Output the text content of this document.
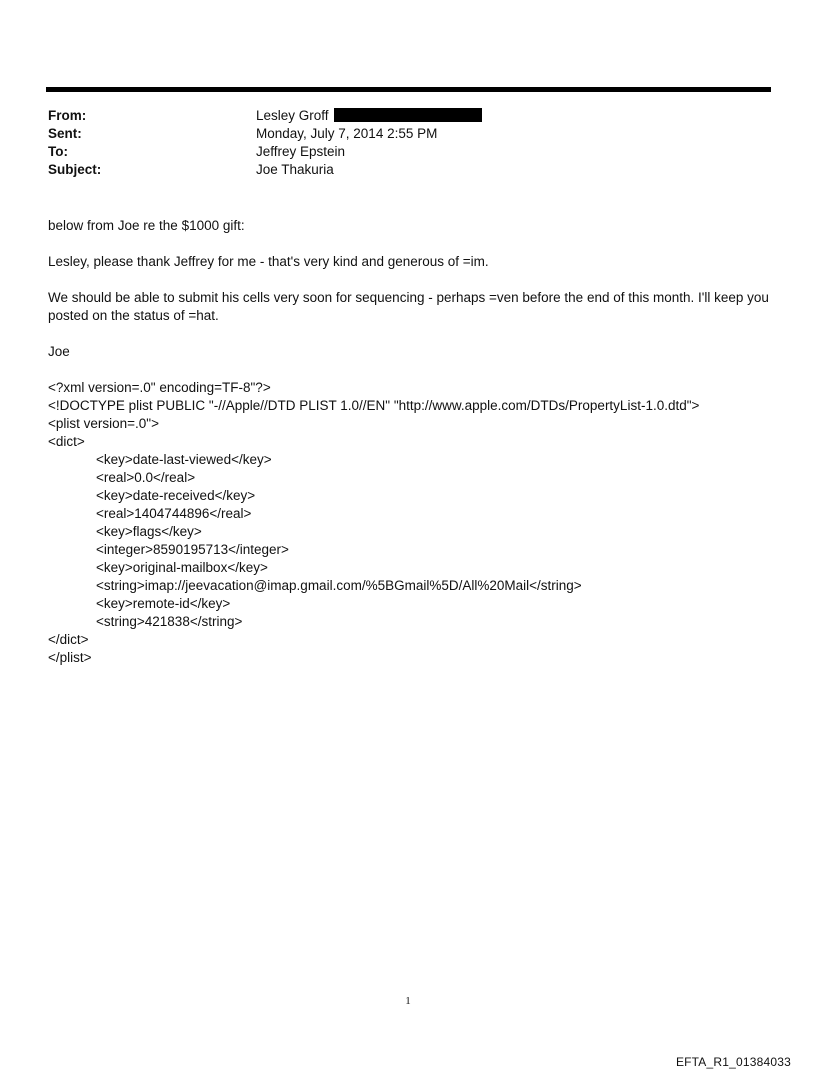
From:	Lesley Groff
Sent:	Monday, July 7, 2014 2:55 PM
To:	Jeffrey Epstein
Subject:	Joe Thakuria

below from Joe re the $1000 gift:

Lesley, please thank Jeffrey for me - that's very kind and generous of =im.

We should be able to submit his cells very soon for sequencing - perhaps =ven before the end of this month. I'll keep you posted on the status of =hat.

Joe

<?xml version=.0" encoding=TF-8"?>
<!DOCTYPE plist PUBLIC "-//Apple//DTD PLIST 1.0//EN" "http://www.apple.com/DTDs/PropertyList-1.0.dtd">
<plist version=.0">
<dict>
<key>date-last-viewed</key>
<real>0.0</real>
<key>date-received</key>
<real>1404744896</real>
<key>flags</key>
<integer>8590195713</integer>
<key>original-mailbox</key>
<string>imap://jeevacation@imap.gmail.com/%5BGmail%5D/All%20Mail</string>
<key>remote-id</key>
<string>421838</string>
</dict>
</plist>
1
EFTA_R1_01384033
